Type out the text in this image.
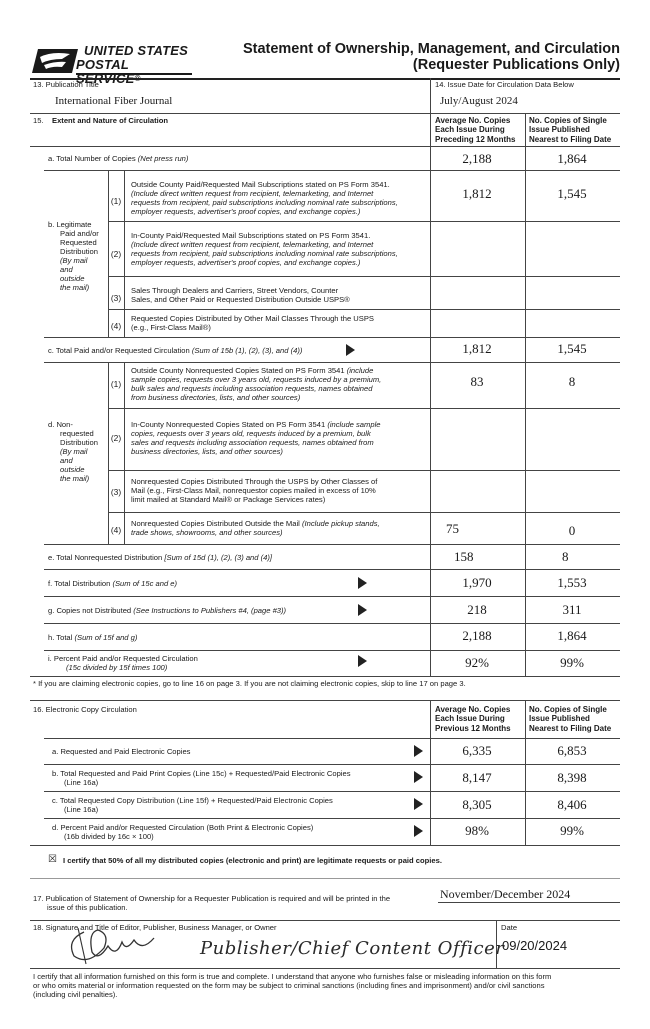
UNITED STATES
POSTAL SERVICE®
Statement of Ownership, Management, and Circulation
(Requester Publications Only)
13. Publication Title
International Fiber Journal
14. Issue Date for Circulation Data Below
July/August 2024
15. Extent and Nature of Circulation	Average No. Copies
Each Issue During
Preceding 12 Months
No. Copies of Single
Issue Published
Nearest to Filing Date
a. Total Number of Copies (Net press run)	2,188	1,864
b. Legitimate
Paid and/or
Requested
Distribution
(By mail
and
outside
the mail)
(1)
Outside County Paid/Requested Mail Subscriptions stated on PS Form 3541.
(Include direct written request from recipient, telemarketing, and Internet
requests from recipient, paid subscriptions including nominal rate subscriptions,
employer requests, advertiser's proof copies, and exchange copies.)
1,812	1,545
(2)
In-County Paid/Requested Mail Subscriptions stated on PS Form 3541.
(Include direct written request from recipient, telemarketing, and Internet
requests from recipient, paid subscriptions including nominal rate subscriptions,
employer requests, advertiser's proof copies, and exchange copies.)
(3)
Sales Through Dealers and Carriers, Street Vendors, Counter
Sales, and Other Paid or Requested Distribution Outside USPS®
(4)
Requested Copies Distributed by Other Mail Classes Through the USPS
(e.g., First-Class Mail®)
c. Total Paid and/or Requested Circulation (Sum of 15b (1), (2), (3), and (4))	1,812	1,545
d. Non-
requested
Distribution
(By mail
and
outside
the mail)
(1)
Outside County Nonrequested Copies Stated on PS Form 3541 (include
sample copies, requests over 3 years old, requests induced by a premium,
bulk sales and requests including association requests, names obtained
from business directories, lists, and other sources)
83	8
(2)
In-County Nonrequested Copies Stated on PS Form 3541 (include sample
copies, requests over 3 years old, requests induced by a premium, bulk
sales and requests including association requests, names obtained from
business directories, lists, and other sources)
(3)
Nonrequested Copies Distributed Through the USPS by Other Classes of
Mail (e.g., First-Class Mail, nonrequestor copies mailed in excess of 10%
limit mailed at Standard Mail® or Package Services rates)
(4)
Nonrequested Copies Distributed Outside the Mail (Include pickup stands,
trade shows, showrooms, and other sources)	75	0
e. Total Nonrequested Distribution [Sum of 15d (1), (2), (3) and (4)]	158	8
f. Total Distribution (Sum of 15c and e)	1,970	1,553
g. Copies not Distributed (See Instructions to Publishers #4, (page #3))	218	311
h. Total (Sum of 15f and g)	2,188	1,864
i. Percent Paid and/or Requested Circulation
(15c divided by 15f times 100)	92%	99%
* If you are claiming electronic copies, go to line 16 on page 3. If you are not claiming electronic copies, skip to line 17 on page 3.
16. Electronic Copy Circulation	Average No. Copies
Each Issue During
Previous 12 Months
No. Copies of Single
Issue Published
Nearest to Filing Date
a. Requested and Paid Electronic Copies	6,335	6,853
b. Total Requested and Paid Print Copies (Line 15c) + Requested/Paid Electronic Copies
(Line 16a)	8,147	8,398
c. Total Requested Copy Distribution (Line 15f) + Requested/Paid Electronic Copies
(Line 16a)	8,305	8,406
d. Percent Paid and/or Requested Circulation (Both Print & Electronic Copies)
(16b divided by 16c × 100)	98%	99%
☒ I certify that 50% of all my distributed copies (electronic and print) are legitimate requests or paid copies.
17. Publication of Statement of Ownership for a Requester Publication is required and will be printed in the
issue of this publication.
November/December 2024
18. Signature and Title of Editor, Publisher, Business Manager, or Owner	Date
09/20/2024
Publisher/Chief Content Officer
I certify that all information furnished on this form is true and complete. I understand that anyone who furnishes false or misleading information on this form
or who omits material or information requested on the form may be subject to criminal sanctions (including fines and imprisonment) and/or civil sanctions
(including civil penalties).
